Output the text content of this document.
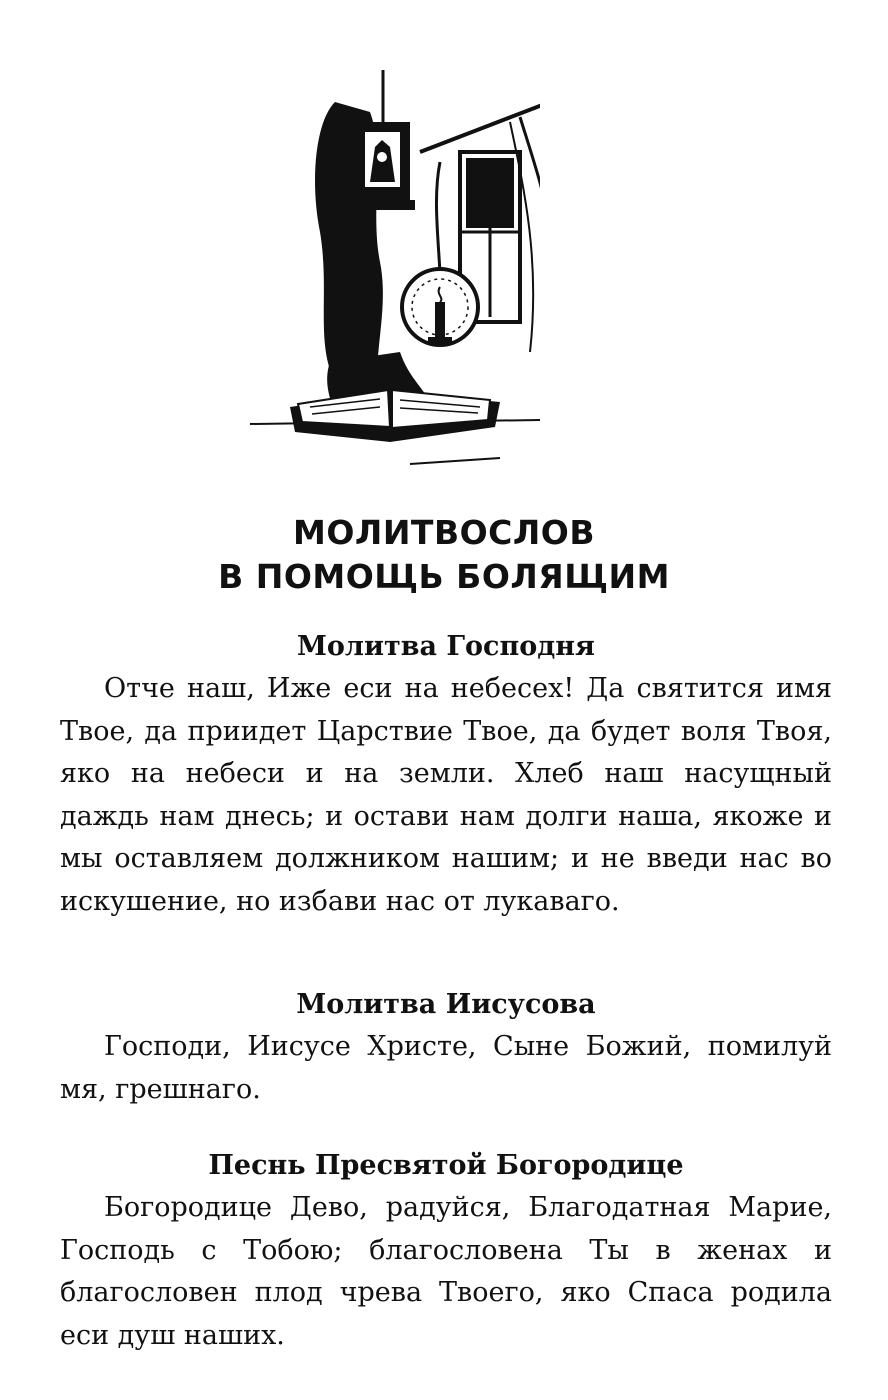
МОЛИТВОСЛОВ
В ПОМОЩЬ БОЛЯЩИМ
Молитва Господня

Отче наш, Иже еси на небесех! Да святится имя Твое, да приидет Царствие Твое, да будет воля Твоя, яко на небеси и на земли. Хлеб наш насущный даждь нам днесь; и остави нам долги наша, якоже и мы оставляем должником нашим; и не введи нас во искушение, но избави нас от лукаваго.

Молитва Иисусова

Господи, Иисусе Христе, Сыне Божий, помилуй мя, грешнаго.

Песнь Пресвятой Богородице

Богородице Дево, радуйся, Благодатная Марие, Господь с Тобою; благословена Ты в женах и благословен плод чрева Твоего, яко Спаса родила еси душ наших.
